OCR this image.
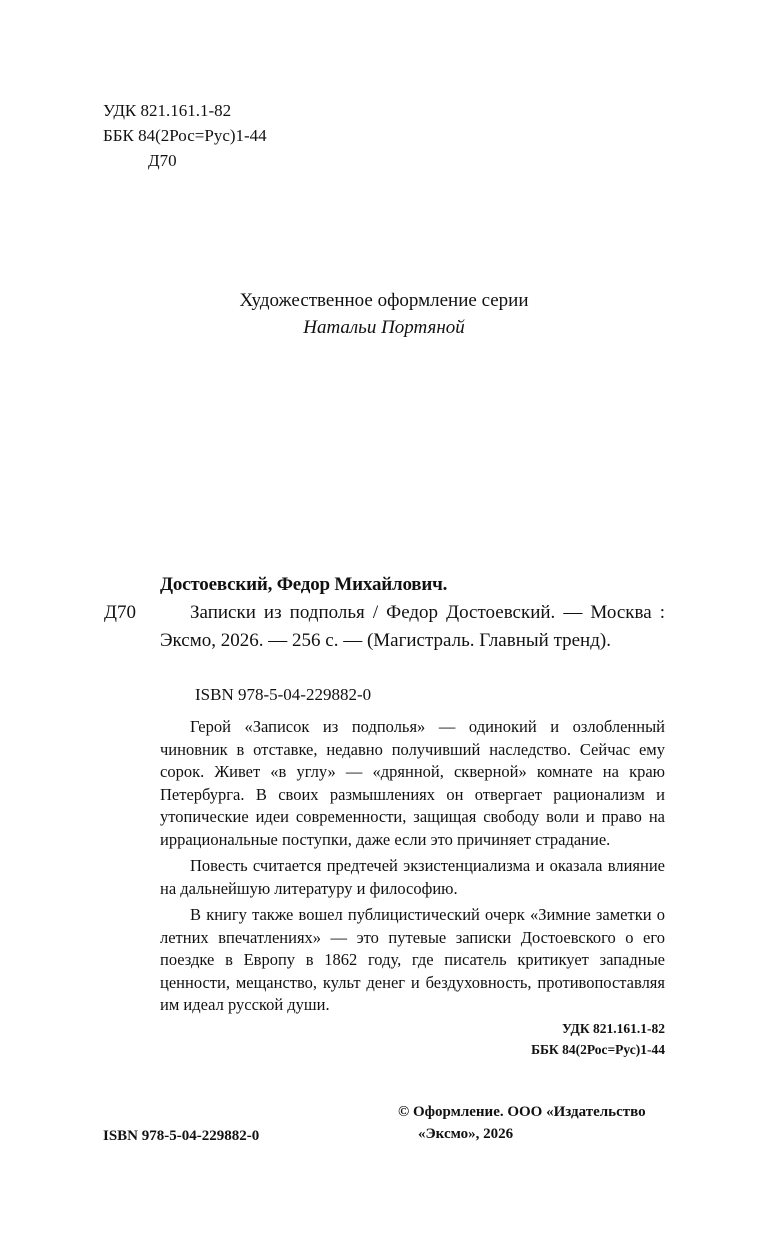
УДК 821.161.1-82
ББК 84(2Рос=Рус)1-44
Д70
Художественное оформление серии
Натальи Портяной
Д70
Достоевский, Федор Михайлович.
Записки из подполья / Федор Достоевский. — Москва : Эксмо, 2026. — 256 с. — (Магистраль. Главный тренд).
ISBN 978-5-04-229882-0

Герой «Записок из подполья» — одинокий и озлобленный чиновник в отставке, недавно получивший наследство. Сейчас ему сорок. Живет «в углу» — «дрянной, скверной» комнате на краю Петербурга. В своих размышлениях он отвергает рационализм и утопические идеи современности, защищая свободу воли и право на иррациональные поступки, даже если это причиняет страдание.

Повесть считается предтечей экзистенциализма и оказала влияние на дальнейшую литературу и философию.

В книгу также вошел публицистический очерк «Зимние заметки о летних впечатлениях» — это путевые записки Достоевского о его поездке в Европу в 1862 году, где писатель критикует западные ценности, мещанство, культ денег и бездуховность, противопоставляя им идеал русской души.

УДК 821.161.1-82
ББК 84(2Рос=Рус)1-44
ISBN 978-5-04-229882-0
© Оформление. ООО «Издательство
«Эксмо», 2026
